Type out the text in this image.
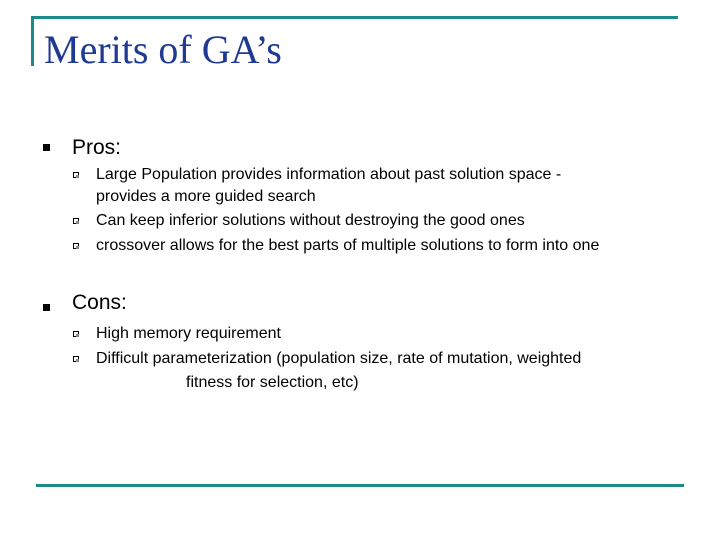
Merits of GA’s
Pros:
Large Population provides information about past solution space -
provides a more guided search
Can keep inferior solutions without destroying the good ones
crossover allows for the best parts of multiple solutions to form into one
Cons:
High memory requirement
Difficult parameterization (population size, rate of mutation, weighted
fitness for selection, etc)
